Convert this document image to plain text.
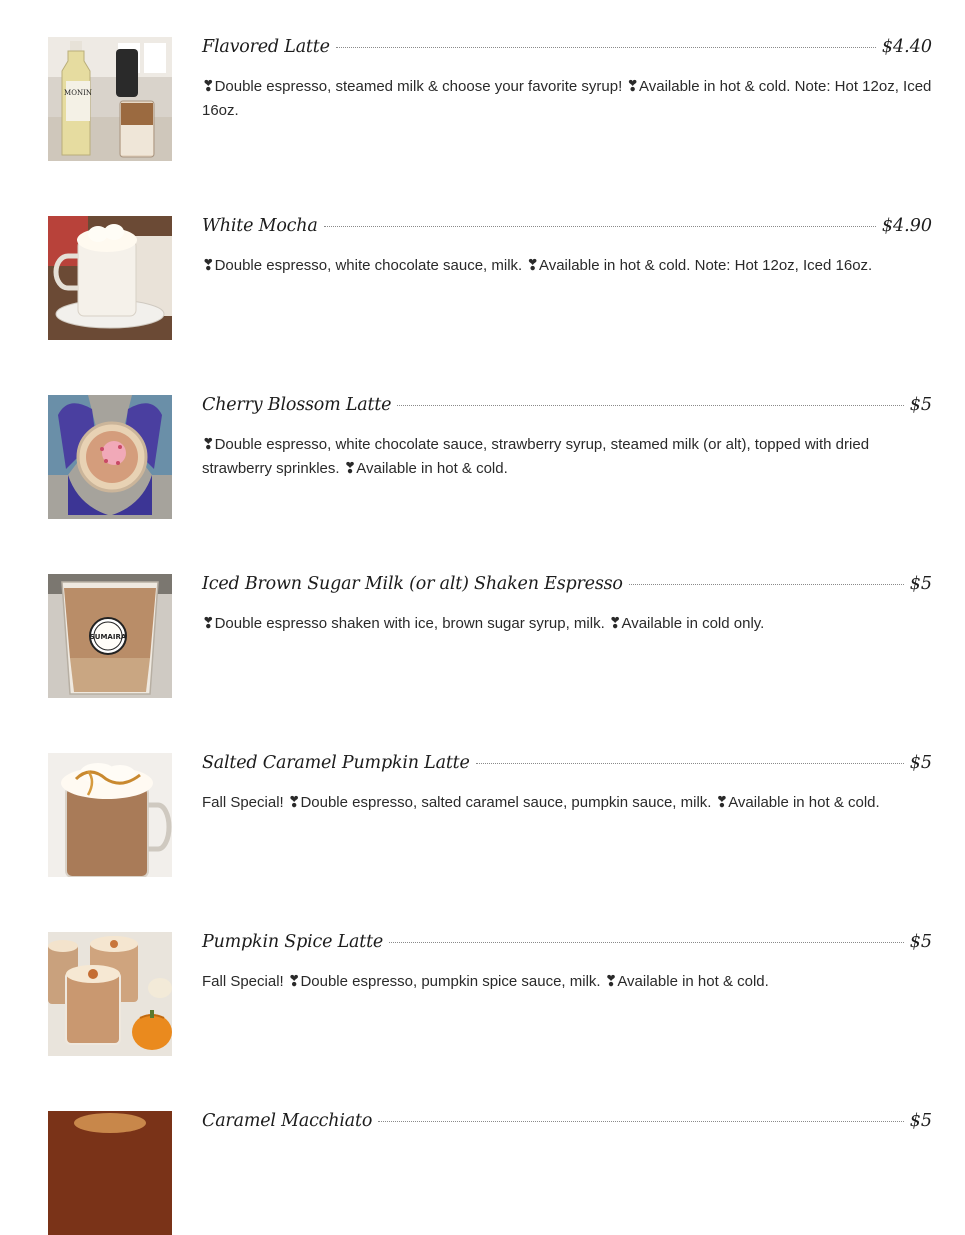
MONIN
Flavored Latte	$4.40
❣Double espresso, steamed milk & choose your favorite syrup! ❣Available in hot & cold. Note: Hot 12oz, Iced 16oz.
White Mocha	$4.90
❣Double espresso, white chocolate sauce, milk. ❣Available in hot & cold. Note: Hot 12oz, Iced 16oz.
Cherry Blossom Latte	$5
❣Double espresso, white chocolate sauce, strawberry syrup, steamed milk (or alt), topped with dried strawberry sprinkles. ❣Available in hot & cold.
SUMAIRA
Iced Brown Sugar Milk (or alt) Shaken Espresso	$5
❣Double espresso shaken with ice, brown sugar syrup, milk. ❣Available in cold only.
Salted Caramel Pumpkin Latte	$5
Fall Special! ❣Double espresso, salted caramel sauce, pumpkin sauce, milk. ❣Available in hot & cold.
Pumpkin Spice Latte	$5
Fall Special! ❣Double espresso, pumpkin spice sauce, milk. ❣Available in hot & cold.
Caramel Macchiato	$5
